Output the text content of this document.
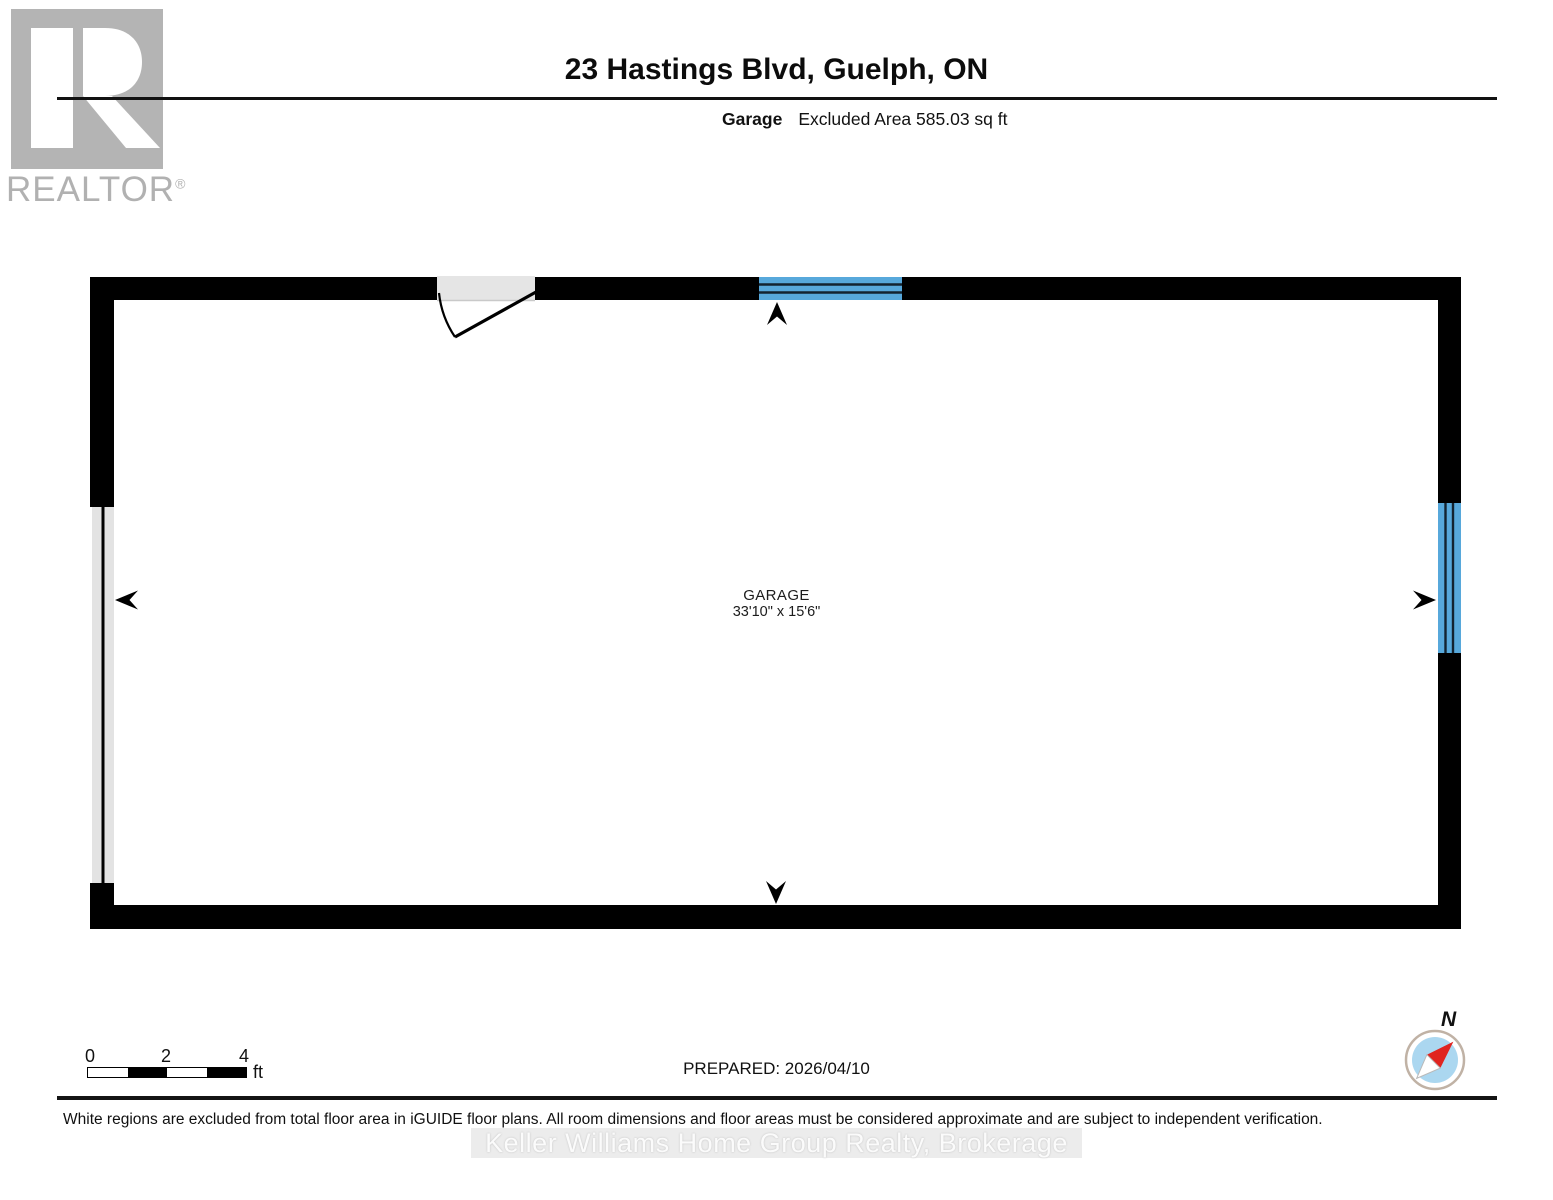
REALTOR®
23 Hastings Blvd, Guelph, ON
Garage Excluded Area 585.03 sq ft
GARAGE
33'10" x 15'6"
0	2	4
ft	PREPARED: 2026/04/10
N
White regions are excluded from total floor area in iGUIDE floor plans. All room dimensions and floor areas must be considered approximate and are subject to independent verification.
Keller Williams Home Group Realty, Brokerage
